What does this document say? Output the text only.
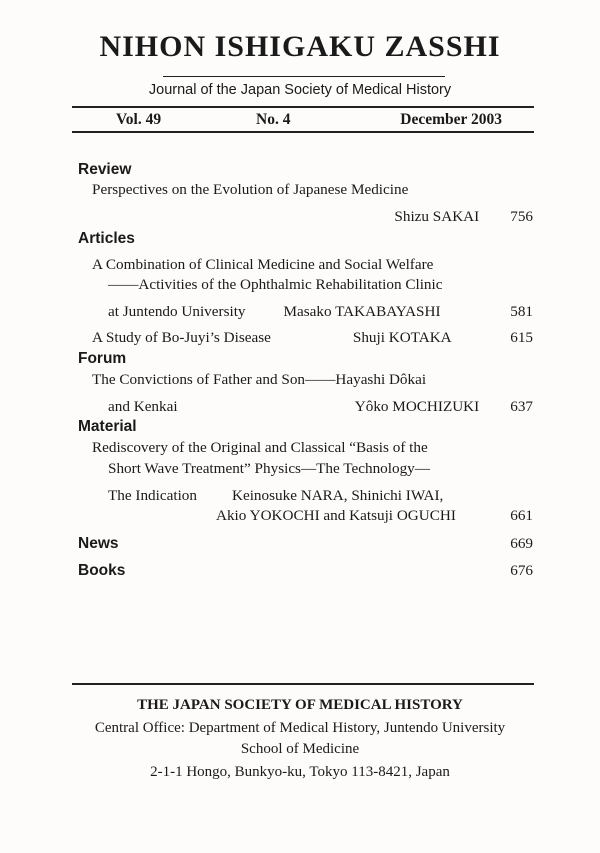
NIHON ISHIGAKU ZASSHI
Journal of the Japan Society of Medical History
Vol. 49	No. 4	December 2003
Review
Perspectives on the Evolution of Japanese Medicine
Shizu SAKAI 756
Articles
A Combination of Clinical Medicine and Social Welfare
——Activities of the Ophthalmic Rehabilitation Clinic
at Juntendo University	Masako TAKABAYASHI	581
A Study of Bo-Juyi’s Disease	Shuji KOTAKA	615
Forum
The Convictions of Father and Son——Hayashi Dôkai
and Kenkai	Yôko MOCHIZUKI 637
Material
Rediscovery of the Original and Classical “Basis of the
Short Wave Treatment” Physics—The Technology—
The Indication Keinosuke NARA, Shinichi IWAI,
Akio YOKOCHI and Katsuji OGUCHI	661
News	669
Books	676
THE JAPAN SOCIETY OF MEDICAL HISTORY
Central Office: Department of Medical History, Juntendo University
School of Medicine
2-1-1 Hongo, Bunkyo-ku, Tokyo 113-8421, Japan
